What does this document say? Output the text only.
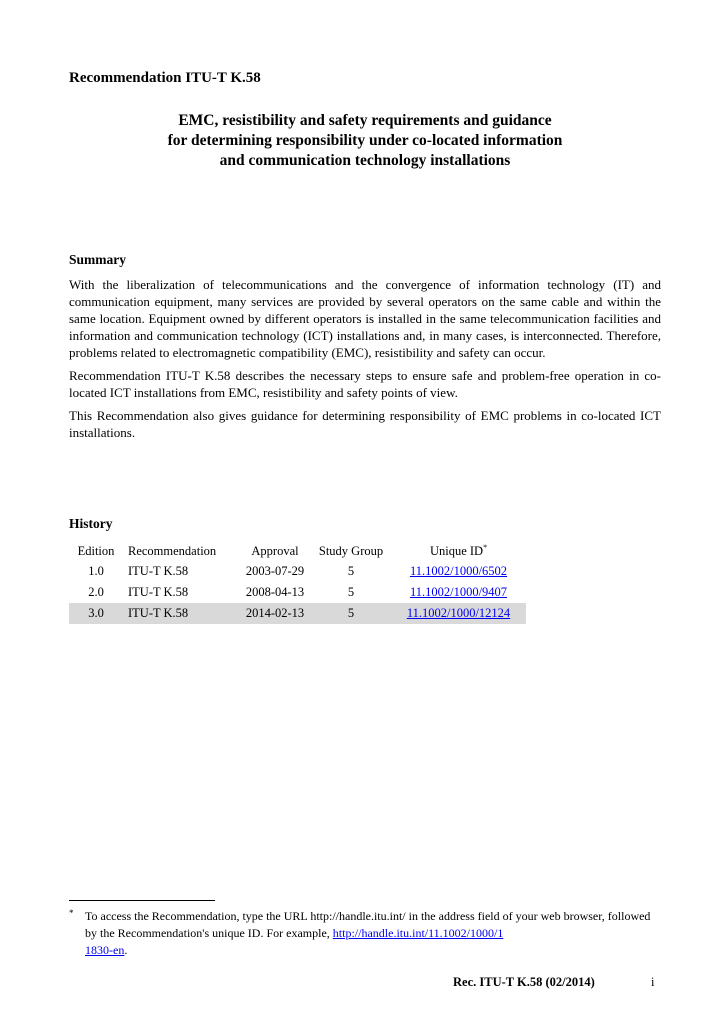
Recommendation ITU-T K.58
EMC, resistibility and safety requirements and guidance
for determining responsibility under co-located information
and communication technology installations
Summary

With the liberalization of telecommunications and the convergence of information technology (IT) and communication equipment, many services are provided by several operators on the same cable and within the same location. Equipment owned by different operators is installed in the same telecommunication facilities and information and communication technology (ICT) installations and, in many cases, is interconnected. Therefore, problems related to electromagnetic compatibility (EMC), resistibility and safety can occur.

Recommendation ITU-T K.58 describes the necessary steps to ensure safe and problem-free operation in co-located ICT installations from EMC, resistibility and safety points of view.

This Recommendation also gives guidance for determining responsibility of EMC problems in co-located ICT installations.

History
Edition	Recommendation	Approval	Study Group	Unique ID*
1.0	ITU-T K.58	2003-07-29	5	11.1002/1000/6502
2.0	ITU-T K.58	2008-04-13	5	11.1002/1000/9407
3.0	ITU-T K.58	2014-02-13	5	11.1002/1000/12124
* To access the Recommendation, type the URL http://handle.itu.int/ in the address field of your web browser, followed by the Recommendation's unique ID. For example, http://handle.itu.int/11.1002/1000/1
1830-en.
Rec. ITU-T K.58 (02/2014)	i
